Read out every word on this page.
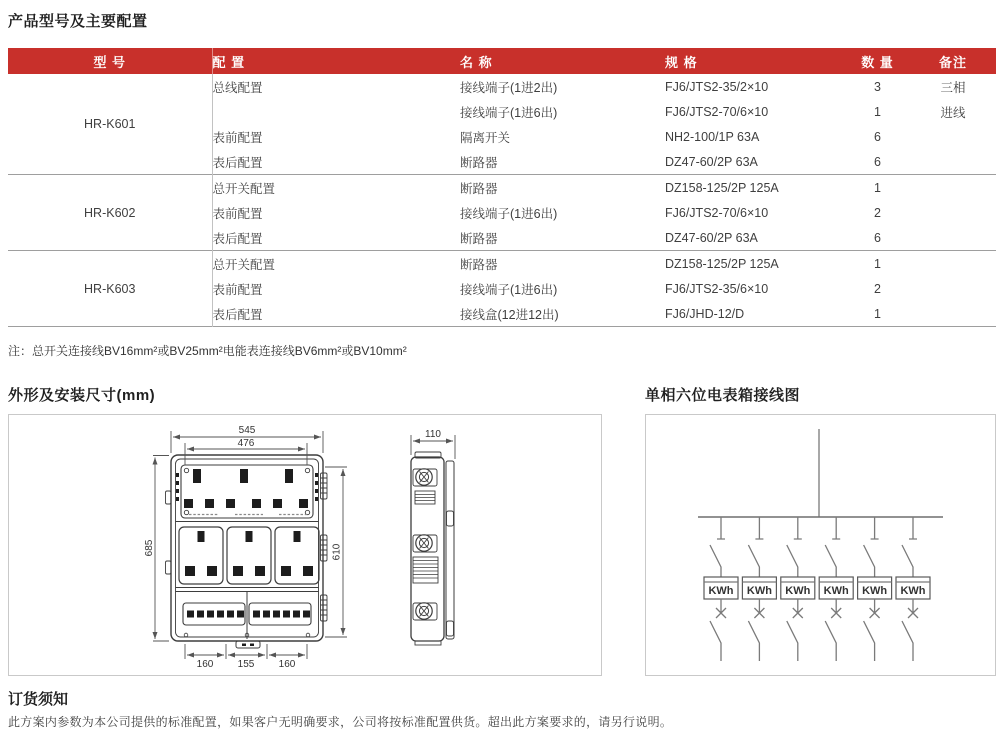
产品型号及主要配置
型 号	配 置	名 称	规 格	数 量	备注
HR-K601	总线配置	接线端子(1进2出)	FJ6/JTS2-35/2×10	3	三相
		接线端子(1进6出)	FJ6/JTS2-70/6×10	1	进线
	表前配置	隔离开关	NH2-100/1P 63A	6	
	表后配置	断路器	DZ47-60/2P 63A	6	
HR-K602	总开关配置	断路器	DZ158-125/2P 125A	1	
	表前配置	接线端子(1进6出)	FJ6/JTS2-70/6×10	2	
	表后配置	断路器	DZ47-60/2P 63A	6	
HR-K603	总开关配置	断路器	DZ158-125/2P 125A	1	
	表前配置	接线端子(1进6出)	FJ6/JTS2-35/6×10	2	
	表后配置	接线盒(12进12出)	FJ6/JHD-12/D	1	
注：总开关连接线BV16mm²或BV25mm²电能表连接线BV6mm²或BV10mm²
外形及安装尺寸(mm)	单相六位电表箱接线图
545
476
685	610
160 155 160
110
KWh KWh KWh KWh KWh KWh
订货须知
此方案内参数为本公司提供的标准配置，如果客户无明确要求，公司将按标准配置供货。超出此方案要求的，请另行说明。
